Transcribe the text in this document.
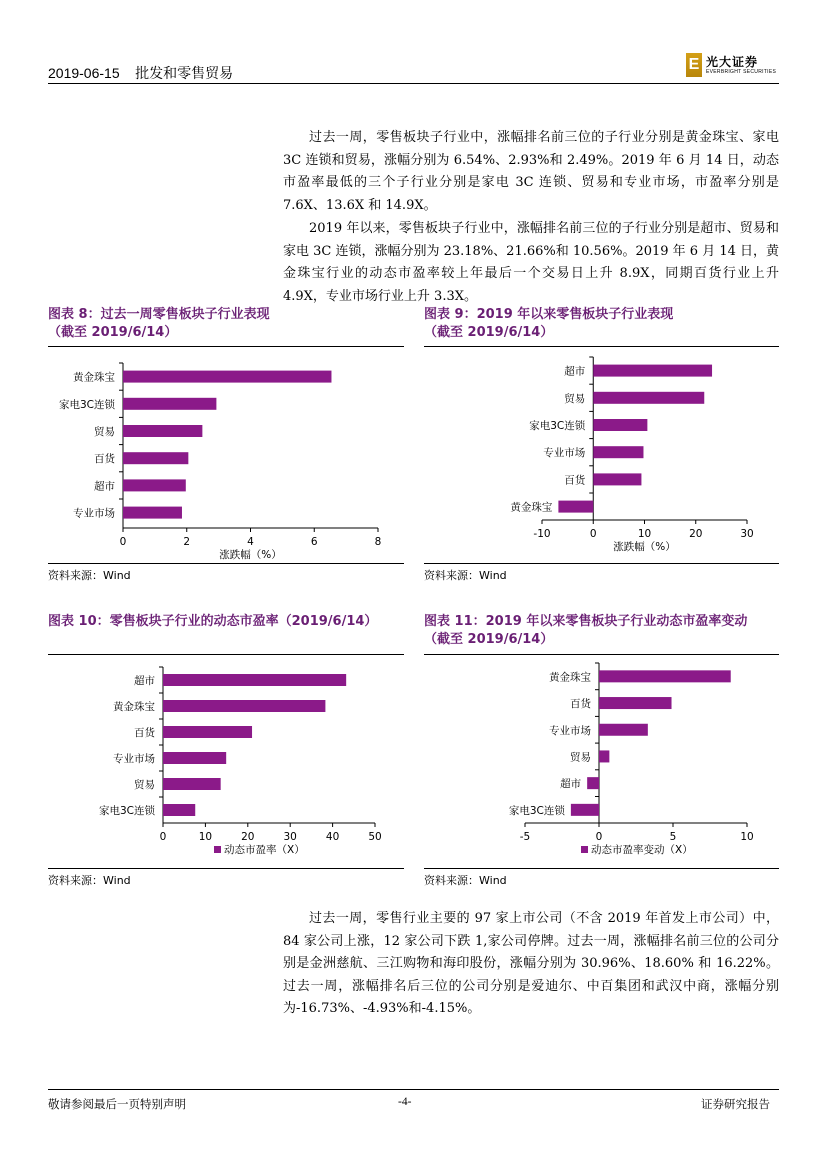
2019-06-15    批发和零售贸易	E 光大证券
EVERBRIGHT SECURITIES

过去一周，零售板块子行业中，涨幅排名前三位的子行业分别是黄金珠宝、家电 3C 连锁和贸易，涨幅分别为 6.54%、2.93%和 2.49%。2019 年 6 月 14 日，动态市盈率最低的三个子行业分别是家电 3C 连锁、贸易和专业市场，市盈率分别是 7.6X、13.6X 和 14.9X。

2019 年以来，零售板块子行业中，涨幅排名前三位的子行业分别是超市、贸易和家电 3C 连锁，涨幅分别为 23.18%、21.66%和 10.56%。2019 年 6 月 14 日，黄金珠宝行业的动态市盈率较上年最后一个交易日上升 8.9X，同期百货行业上升 4.9X，专业市场行业上升 3.3X。

图表 8：过去一周零售板块子行业表现
（截至 2019/6/14）
黄金珠宝
家电3C连锁
贸易
百货
超市
专业市场
0	2	4	6	8
涨跌幅（%）
资料来源：Wind
图表 9：2019 年以来零售板块子行业表现
（截至 2019/6/14）
超市
贸易
家电3C连锁
专业市场
百货
黄金珠宝
-10	0	10	20	30
涨跌幅（%）
资料来源：Wind
图表 10：零售板块子行业的动态市盈率（2019/6/14）
超市
黄金珠宝
百货
专业市场
贸易
家电3C连锁
0	10	20	30	40	50
动态市盈率（X）
资料来源：Wind
图表 11：2019 年以来零售板块子行业动态市盈率变动
（截至 2019/6/14）
黄金珠宝
百货
专业市场
贸易
超市
家电3C连锁
-5	0	5	10
动态市盈率变动（X）
资料来源：Wind

过去一周，零售行业主要的 97 家上市公司（不含 2019 年首发上市公司）中，84 家公司上涨，12 家公司下跌 1,家公司停牌。过去一周，涨幅排名前三位的公司分别是金洲慈航、三江购物和海印股份，涨幅分别为 30.96%、18.60% 和 16.22%。过去一周，涨幅排名后三位的公司分别是爱迪尔、中百集团和武汉中商，涨幅分别为-16.73%、-4.93%和-4.15%。

敬请参阅最后一页特别声明	-4-	证券研究报告
